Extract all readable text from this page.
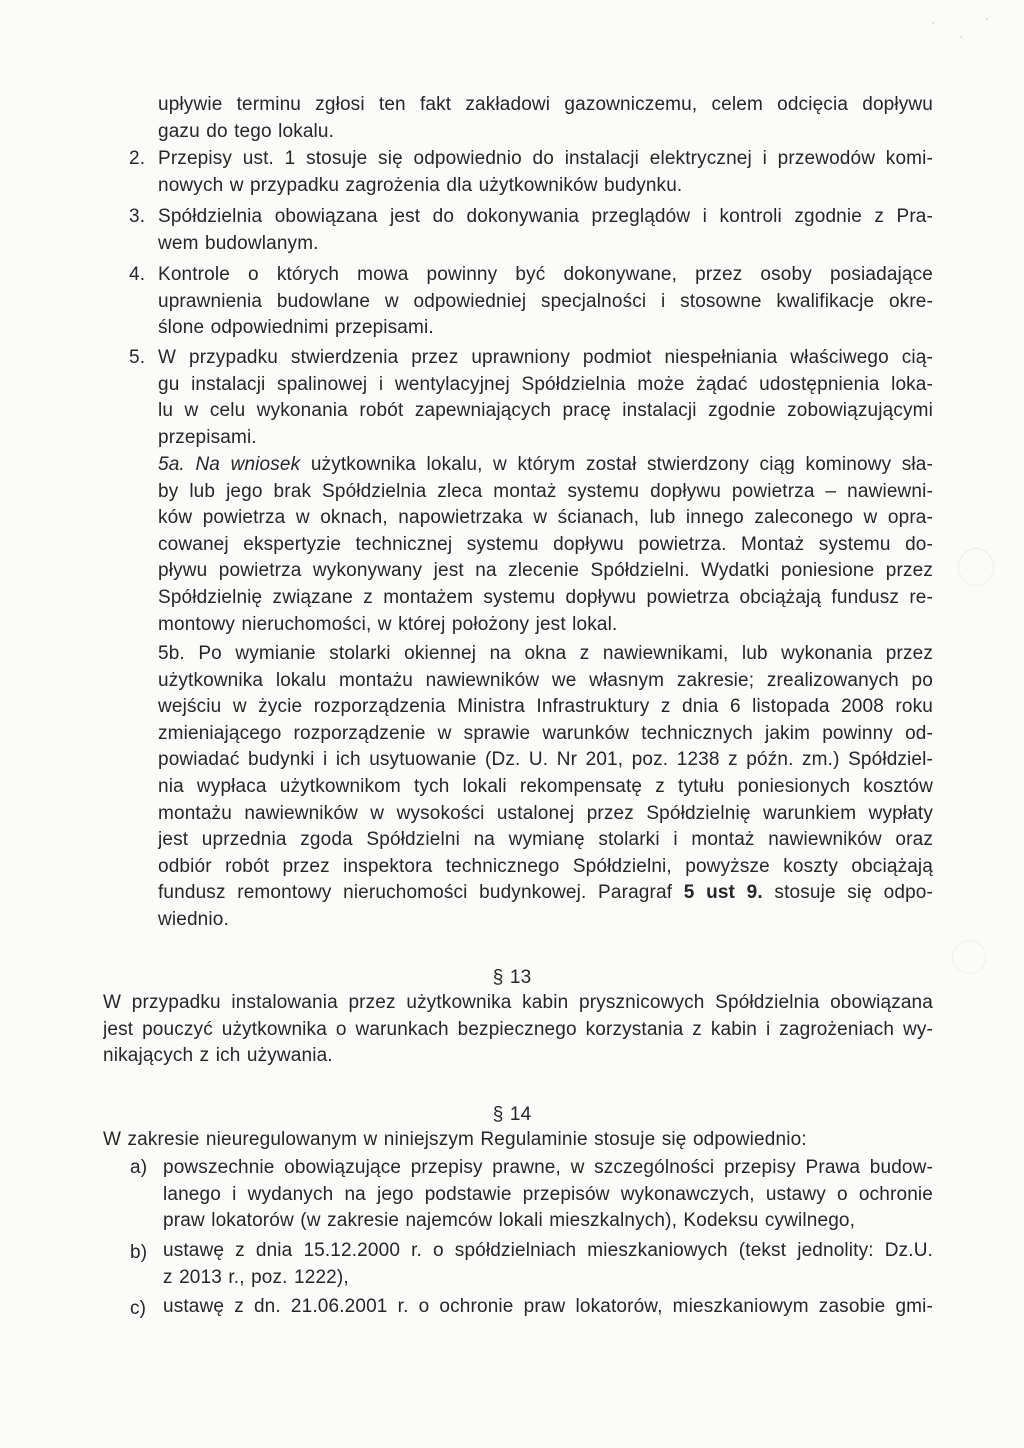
upływie terminu zgłosi ten fakt zakładowi gazowniczemu, celem odcięcia dopływu
gazu do tego lokalu.
2. Przepisy ust. 1 stosuje się odpowiednio do instalacji elektrycznej i przewodów komi-
nowych w przypadku zagrożenia dla użytkowników budynku.
3. Spółdzielnia obowiązana jest do dokonywania przeglądów i kontroli zgodnie z Pra-
wem budowlanym.
4. Kontrole o których mowa powinny być dokonywane, przez osoby posiadające
uprawnienia budowlane w odpowiedniej specjalności i stosowne kwalifikacje okre-
ślone odpowiednimi przepisami.
5. W przypadku stwierdzenia przez uprawniony podmiot niespełniania właściwego cią-
gu instalacji spalinowej i wentylacyjnej Spółdzielnia może żądać udostępnienia loka-
lu w celu wykonania robót zapewniających pracę instalacji zgodnie zobowiązującymi
przepisami.
5a. Na wniosek użytkownika lokalu, w którym został stwierdzony ciąg kominowy sła-
by lub jego brak Spółdzielnia zleca montaż systemu dopływu powietrza – nawiewni-
ków powietrza w oknach, napowietrzaka w ścianach, lub innego zaleconego w opra-
cowanej ekspertyzie technicznej systemu dopływu powietrza. Montaż systemu do-
pływu powietrza wykonywany jest na zlecenie Spółdzielni. Wydatki poniesione przez
Spółdzielnię związane z montażem systemu dopływu powietrza obciążają fundusz re-
montowy nieruchomości, w której położony jest lokal.
5b. Po wymianie stolarki okiennej na okna z nawiewnikami, lub wykonania przez
użytkownika lokalu montażu nawiewników we własnym zakresie; zrealizowanych po
wejściu w życie rozporządzenia Ministra Infrastruktury z dnia 6 listopada 2008 roku
zmieniającego rozporządzenie w sprawie warunków technicznych jakim powinny od-
powiadać budynki i ich usytuowanie (Dz. U. Nr 201, poz. 1238 z późn. zm.) Spółdziel-
nia wypłaca użytkownikom tych lokali rekompensatę z tytułu poniesionych kosztów
montażu nawiewników w wysokości ustalonej przez Spółdzielnię warunkiem wypłaty
jest uprzednia zgoda Spółdzielni na wymianę stolarki i montaż nawiewników oraz
odbiór robót przez inspektora technicznego Spółdzielni, powyższe koszty obciążają
fundusz remontowy nieruchomości budynkowej. Paragraf 5 ust 9. stosuje się odpo-
wiednio.
§ 13
W przypadku instalowania przez użytkownika kabin prysznicowych Spółdzielnia obowiązana
jest pouczyć użytkownika o warunkach bezpiecznego korzystania z kabin i zagrożeniach wy-
nikających z ich używania.
§ 14
W zakresie nieuregulowanym w niniejszym Regulaminie stosuje się odpowiednio:
a) powszechnie obowiązujące przepisy prawne, w szczególności przepisy Prawa budow-
lanego i wydanych na jego podstawie przepisów wykonawczych, ustawy o ochronie
praw lokatorów (w zakresie najemców lokali mieszkalnych), Kodeksu cywilnego,
b) ustawę z dnia 15.12.2000 r. o spółdzielniach mieszkaniowych (tekst jednolity: Dz.U.
z 2013 r., poz. 1222),
c) ustawę z dn. 21.06.2001 r. o ochronie praw lokatorów, mieszkaniowym zasobie gmi-
